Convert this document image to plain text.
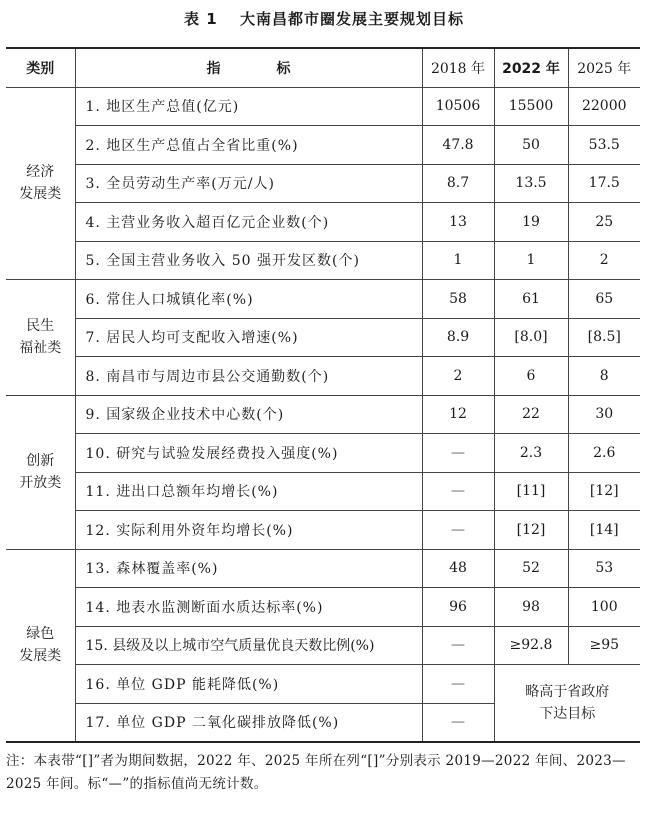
表 1 大南昌都市圈发展主要规划目标
类别	指　　　　标	2018 年	2022 年	2025 年

经济
发展类	1. 地区生产总值(亿元)	10506	15500	22000
	2. 地区生产总值占全省比重(%)	47.8	50	53.5
	3. 全员劳动生产率(万元/人)	8.7	13.5	17.5
	4. 主营业务收入超百亿元企业数(个)	13	19	25
	5. 全国主营业务收入 50 强开发区数(个)	1	1	2

民生
福祉类	6. 常住人口城镇化率(%)	58	61	65
	7. 居民人均可支配收入增速(%)	8.9	[8.0]	[8.5]
	8. 南昌市与周边市县公交通勤数(个)	2	6	8

创新
开放类	9. 国家级企业技术中心数(个)	12	22	30
	10. 研究与试验发展经费投入强度(%)	—	2.3	2.6
	11. 进出口总额年均增长(%)	—	[11]	[12]
	12. 实际利用外资年均增长(%)	—	[12]	[14]

绿色
发展类	13. 森林覆盖率(%)	48	52	53
	14. 地表水监测断面水质达标率(%)	96	98	100
	15. 县级及以上城市空气质量优良天数比例(%)	—	≥92.8	≥95
	16. 单位 GDP 能耗降低(%)	—	略高于省政府
下达目标	

	17. 单位 GDP 二氧化碳排放降低(%)	—		
注：本表带“[]”者为期间数据，2022 年、2025 年所在列“[]”分别表示 2019—2022 年间、2023—2025 年间。标“—”的指标值尚无统计数。
